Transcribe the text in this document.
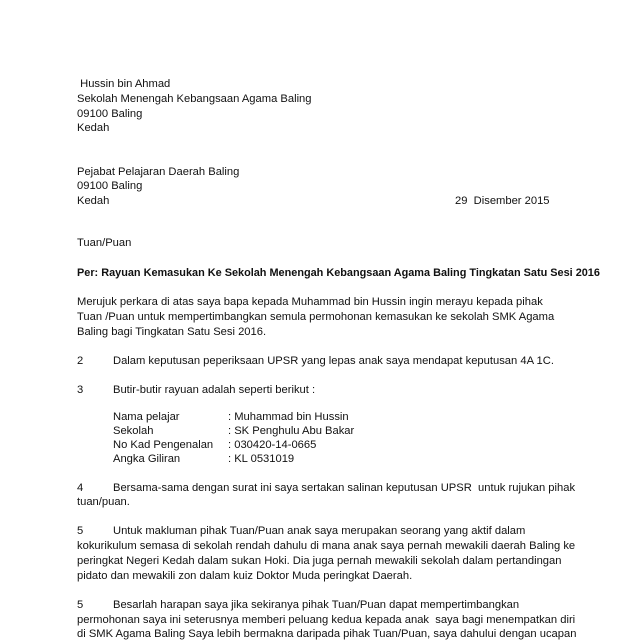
Hussin bin Ahmad
Sekolah Menengah Kebangsaan Agama Baling
09100 Baling
Kedah
Pejabat Pelajaran Daerah Baling
09100 Baling
Kedah	29  Disember 2015
Tuan/Puan
Per: Rayuan Kemasukan Ke Sekolah Menengah Kebangsaan Agama Baling Tingkatan Satu Sesi 2016
Merujuk perkara di atas saya bapa kepada Muhammad bin Hussin ingin merayu kepada pihak
Tuan /Puan untuk mempertimbangkan semula permohonan kemasukan ke sekolah SMK Agama
Baling bagi Tingkatan Satu Sesi 2016.
2	Dalam keputusan peperiksaan UPSR yang lepas anak saya mendapat keputusan 4A 1C.
3	Butir-butir rayuan adalah seperti berikut :
Nama pelajar	: Muhammad bin Hussin
Sekolah	: SK Penghulu Abu Bakar
No Kad Pengenalan : 030420-14-0665
Angka Giliran	: KL 0531019
4	Bersama-sama dengan surat ini saya sertakan salinan keputusan UPSR  untuk rujukan pihak
tuan/puan.
5	Untuk makluman pihak Tuan/Puan anak saya merupakan seorang yang aktif dalam
kokurikulum semasa di sekolah rendah dahulu di mana anak saya pernah mewakili daerah Baling ke
peringkat Negeri Kedah dalam sukan Hoki. Dia juga pernah mewakili sekolah dalam pertandingan
pidato dan mewakili zon dalam kuiz Doktor Muda peringkat Daerah.
5	Besarlah harapan saya jika sekiranya pihak Tuan/Puan dapat mempertimbangkan
permohonan saya ini seterusnya memberi peluang kedua kepada anak  saya bagi menempatkan diri
di SMK Agama Baling Saya lebih bermakna daripada pihak Tuan/Puan, saya dahului dengan ucapan
